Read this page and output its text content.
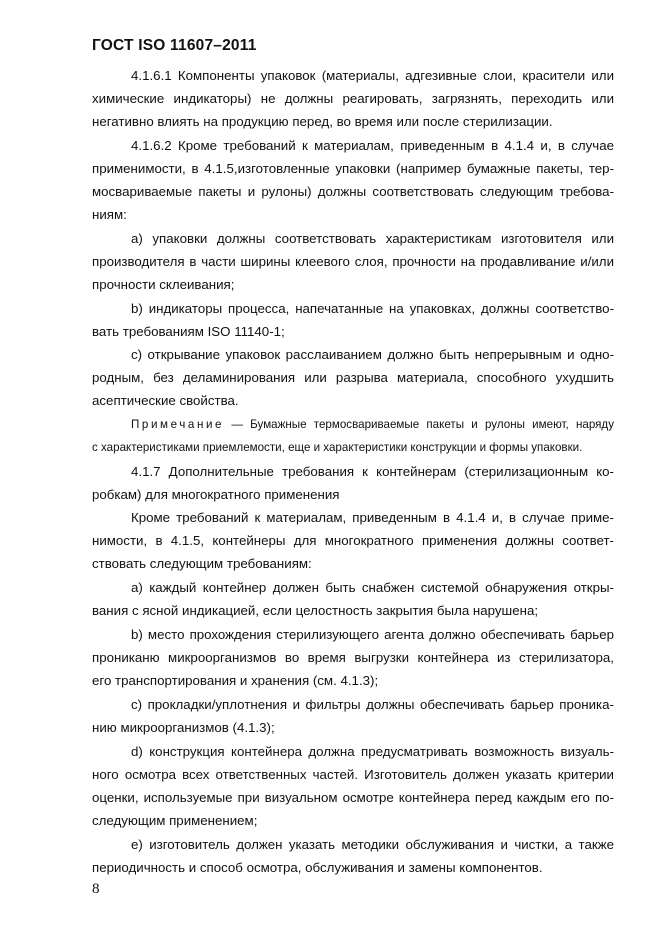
ГОСТ ISO 11607–2011
4.1.6.1 Компоненты упаковок (материалы, адгезивные слои, красители или
химические индикаторы) не должны реагировать, загрязнять, переходить или
негативно влиять на продукцию перед, во время или после стерилизации.
4.1.6.2 Кроме требований к материалам, приведенным в 4.1.4 и, в случае
применимости, в 4.1.5,изготовленные упаковки (например бумажные пакеты, тер-
мосвариваемые пакеты и рулоны) должны соответствовать следующим требова-
ниям:
a) упаковки должны соответствовать характеристикам изготовителя или
производителя в части ширины клеевого слоя, прочности на продавливание и/или
прочности склеивания;
b) индикаторы процесса, напечатанные на упаковках, должны соответство-
вать требованиям ISO 11140-1;
c) открывание упаковок расслаиванием должно быть непрерывным и одно-
родным, без деламинирования или разрыва материала, способного ухудшить
асептические свойства.
Примечание — Бумажные термосвариваемые пакеты и рулоны имеют, наряду
с характеристиками приемлемости, еще и характеристики конструкции и формы упаковки.
4.1.7 Дополнительные требования к контейнерам (стерилизационным ко-
робкам) для многократного применения
Кроме требований к материалам, приведенным в 4.1.4 и, в случае приме-
нимости, в 4.1.5, контейнеры для многократного применения должны соответ-
ствовать следующим требованиям:
a) каждый контейнер должен быть снабжен системой обнаружения откры-
вания с ясной индикацией, если целостность закрытия была нарушена;
b) место прохождения стерилизующего агента должно обеспечивать барьер
прониканю микроорганизмов во время выгрузки контейнера из стерилизатора,
его транспортирования и хранения (см. 4.1.3);
c) прокладки/уплотнения и фильтры должны обеспечивать барьер проника-
нию микроорганизмов (4.1.3);
d) конструкция контейнера должна предусматривать возможность визуаль-
ного осмотра всех ответственных частей. Изготовитель должен указать критерии
оценки, используемые при визуальном осмотре контейнера перед каждым его по-
следующим применением;
e) изготовитель должен указать методики обслуживания и чистки, а также
периодичность и способ осмотра, обслуживания и замены компонентов.
8
